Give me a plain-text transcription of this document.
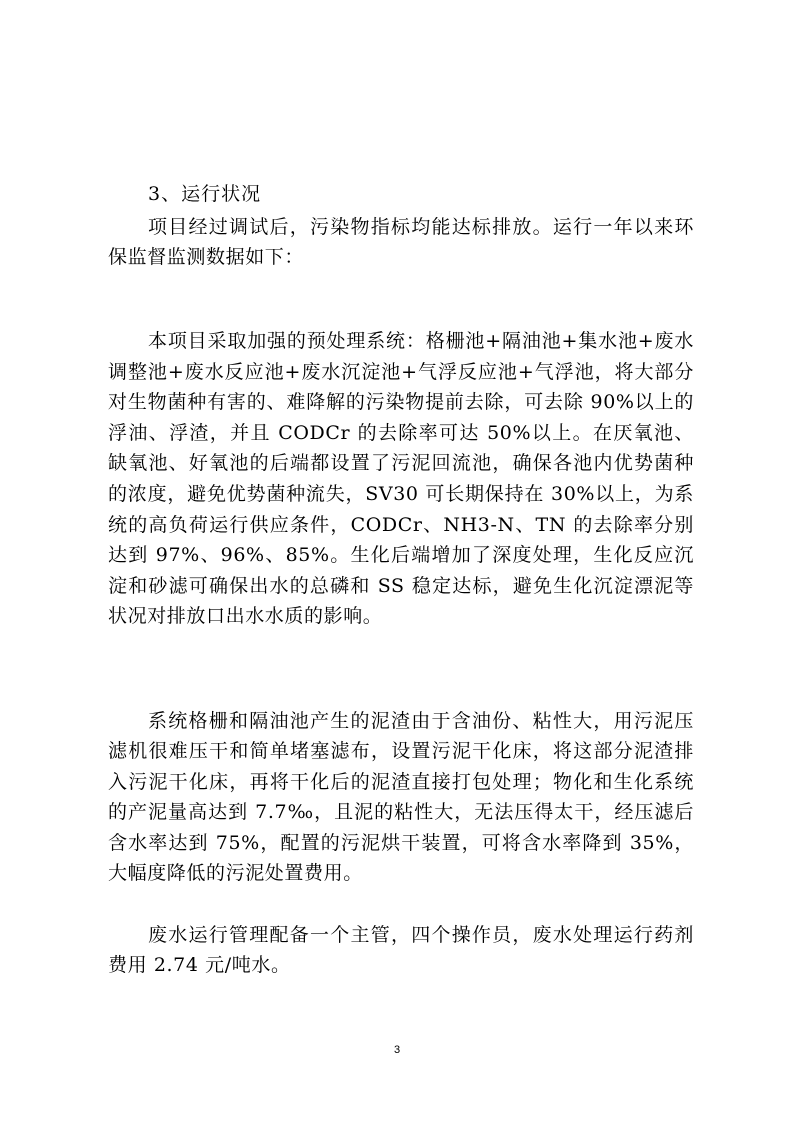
3、运行状况

项目经过调试后，污染物指标均能达标排放。运行一年以来环保监督监测数据如下：

本项目采取加强的预处理系统：格栅池+隔油池+集水池+废水调整池+废水反应池+废水沉淀池+气浮反应池+气浮池，将大部分对生物菌种有害的、难降解的污染物提前去除，可去除 90%以上的浮油、浮渣，并且 CODCr 的去除率可达 50%以上。在厌氧池、缺氧池、好氧池的后端都设置了污泥回流池，确保各池内优势菌种的浓度，避免优势菌种流失，SV30 可长期保持在 30%以上，为系统的高负荷运行供应条件，CODCr、NH3-N、TN 的去除率分别达到 97%、96%、85%。生化后端增加了深度处理，生化反应沉淀和砂滤可确保出水的总磷和 SS 稳定达标，避免生化沉淀漂泥等状况对排放口出水水质的影响。

系统格栅和隔油池产生的泥渣由于含油份、粘性大，用污泥压滤机很难压干和简单堵塞滤布，设置污泥干化床，将这部分泥渣排入污泥干化床，再将干化后的泥渣直接打包处理；物化和生化系统的产泥量高达到 7.7‰，且泥的粘性大，无法压得太干，经压滤后含水率达到 75%，配置的污泥烘干装置，可将含水率降到 35%，大幅度降低的污泥处置费用。

废水运行管理配备一个主管，四个操作员，废水处理运行药剂费用 2.74 元/吨水。

3
